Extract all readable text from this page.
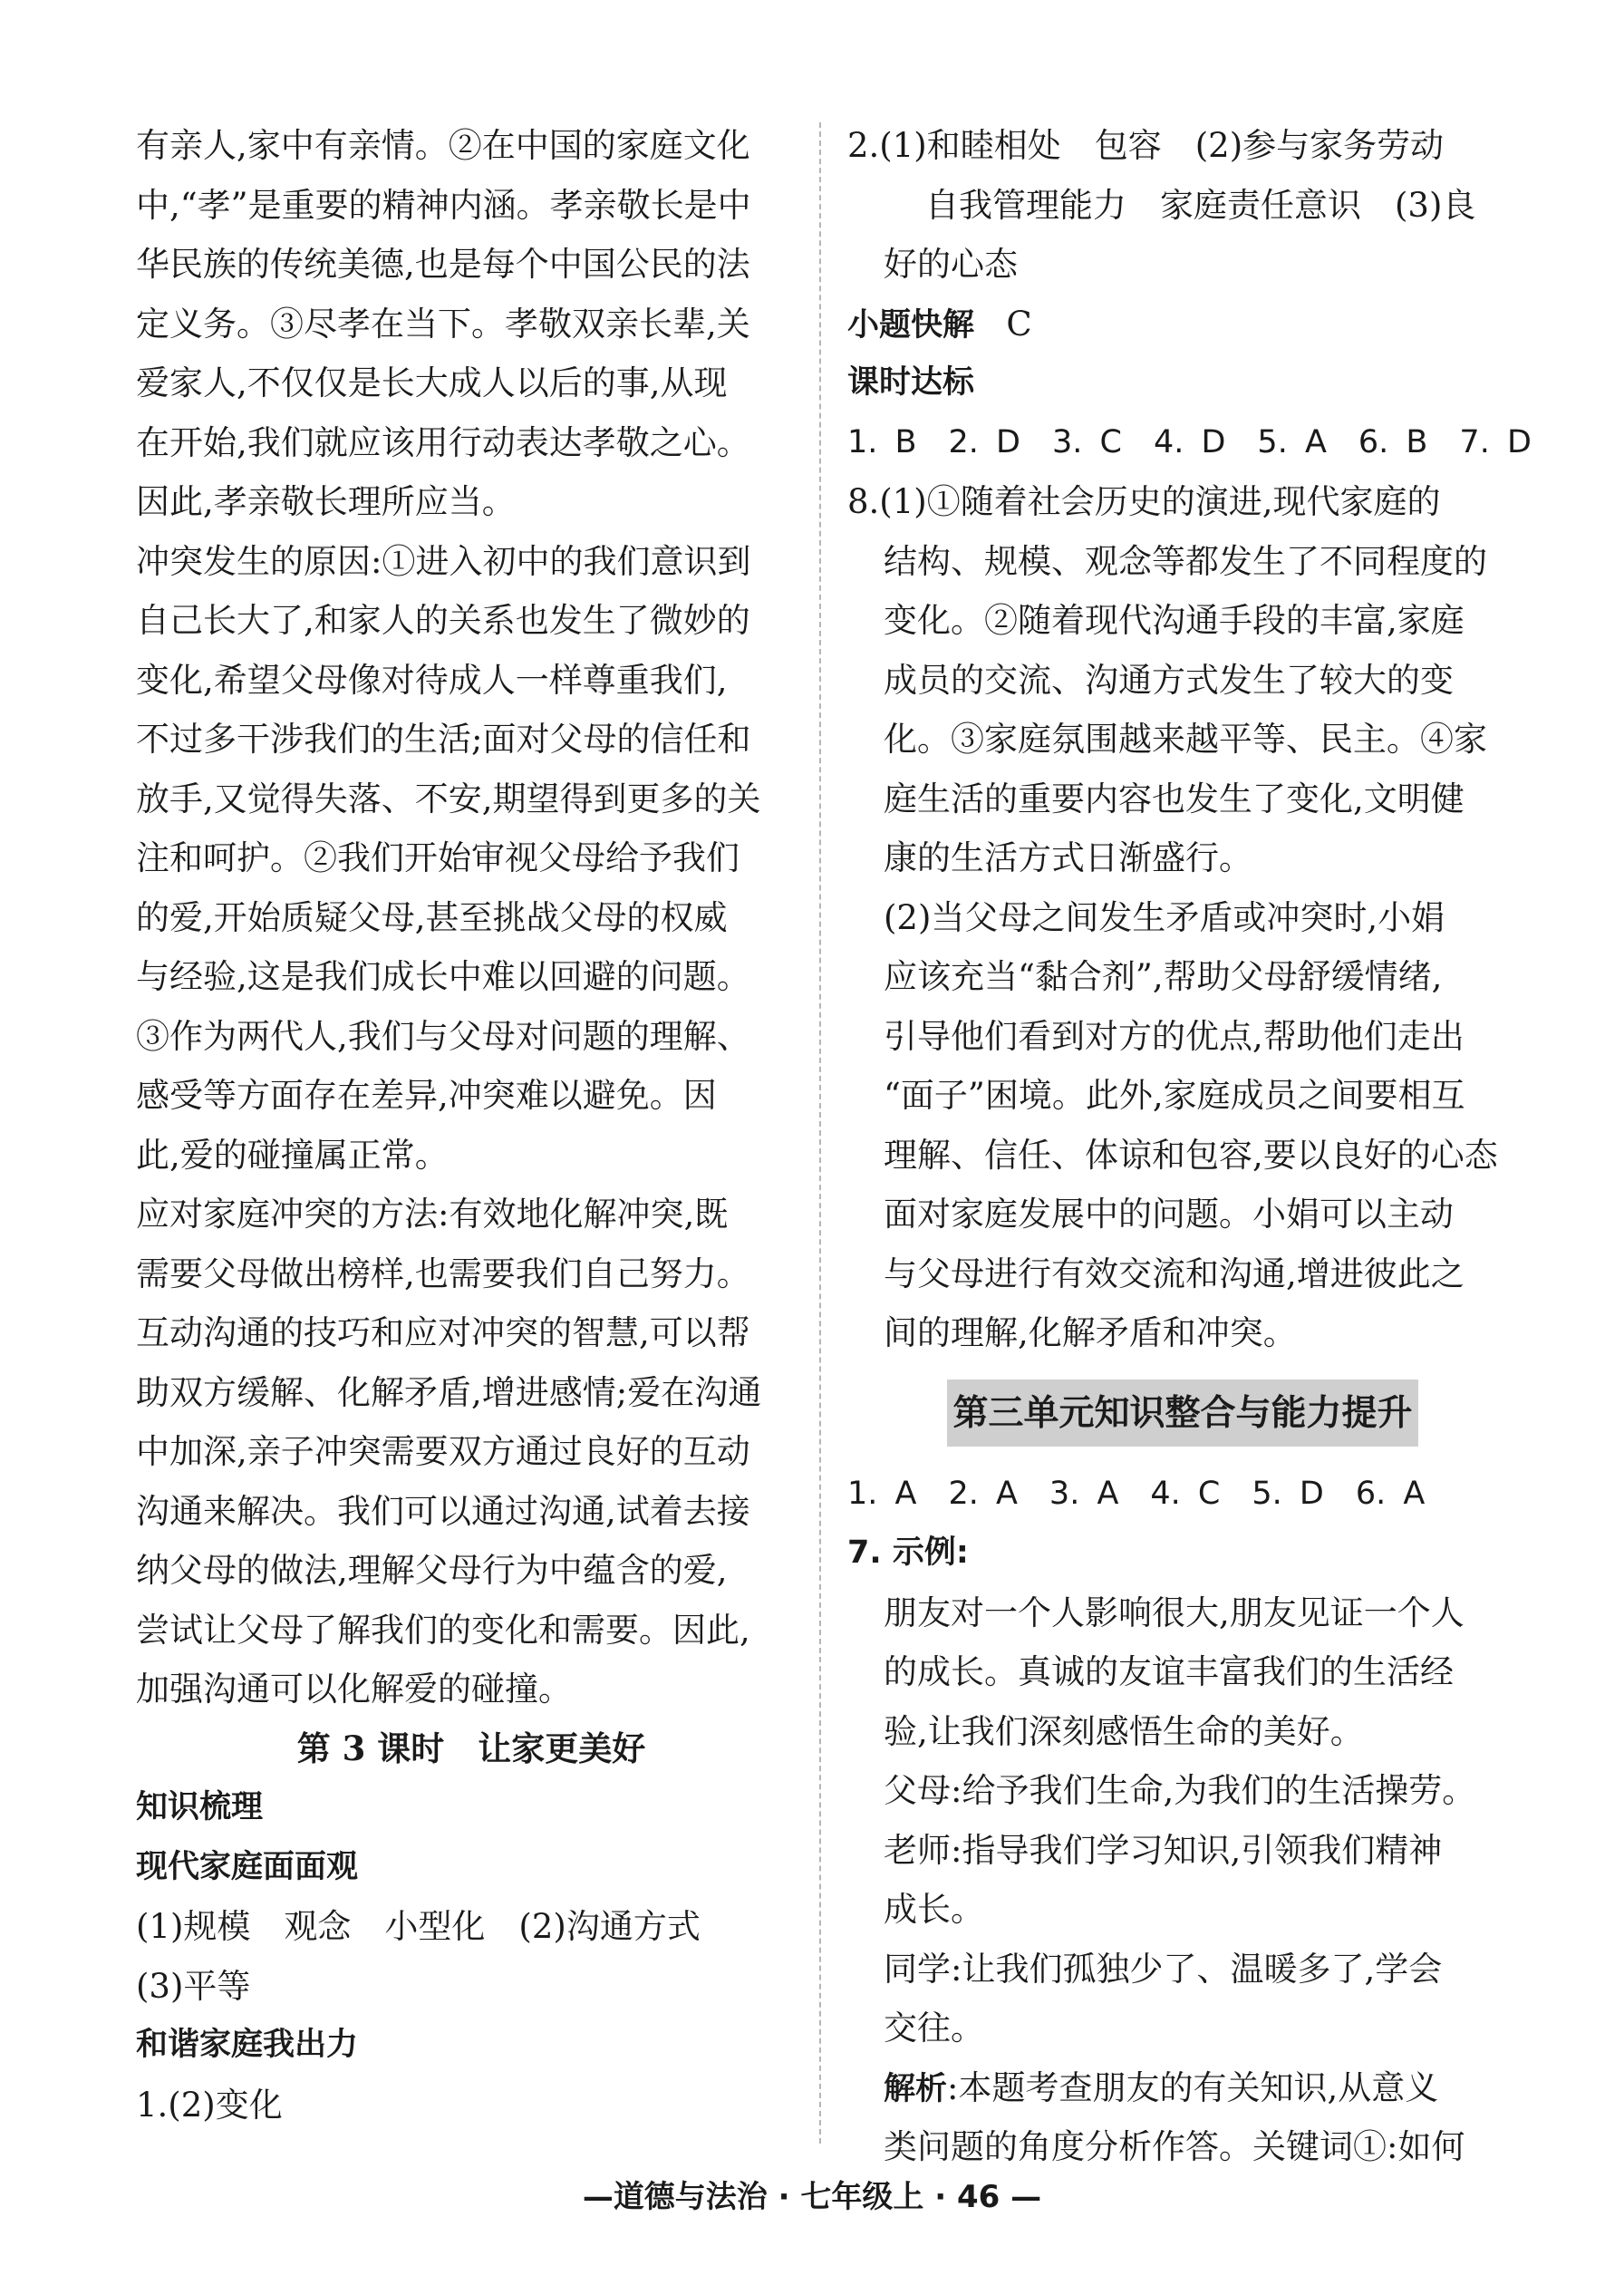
有亲人,家中有亲情。②在中国的家庭文化
中,“孝”是重要的精神内涵。孝亲敬长是中
华民族的传统美德,也是每个中国公民的法
定义务。③尽孝在当下。孝敬双亲长辈,关
爱家人,不仅仅是长大成人以后的事,从现
在开始,我们就应该用行动表达孝敬之心。
因此,孝亲敬长理所应当。
冲突发生的原因:①进入初中的我们意识到
自己长大了,和家人的关系也发生了微妙的
变化,希望父母像对待成人一样尊重我们,
不过多干涉我们的生活;面对父母的信任和
放手,又觉得失落、不安,期望得到更多的关
注和呵护。②我们开始审视父母给予我们
的爱,开始质疑父母,甚至挑战父母的权威
与经验,这是我们成长中难以回避的问题。
③作为两代人,我们与父母对问题的理解、
感受等方面存在差异,冲突难以避免。因
此,爱的碰撞属正常。
应对家庭冲突的方法:有效地化解冲突,既
需要父母做出榜样,也需要我们自己努力。
互动沟通的技巧和应对冲突的智慧,可以帮
助双方缓解、化解矛盾,增进感情;爱在沟通
中加深,亲子冲突需要双方通过良好的互动
沟通来解决。我们可以通过沟通,试着去接
纳父母的做法,理解父母行为中蕴含的爱,
尝试让父母了解我们的变化和需要。因此,
加强沟通可以化解爱的碰撞。
第 3 课时　让家更美好
知识梳理
现代家庭面面观
(1)规模　观念　小型化　(2)沟通方式
(3)平等
和谐家庭我出力
1.(2)变化
2.(1)和睦相处　包容　(2)参与家务劳动
自我管理能力　家庭责任意识　(3)良
好的心态
小题快解 C
课时达标
1. B　2. D　3. C　4. D　5. A　6. B　7. D
8.(1)①随着社会历史的演进,现代家庭的
结构、规模、观念等都发生了不同程度的
变化。②随着现代沟通手段的丰富,家庭
成员的交流、沟通方式发生了较大的变
化。③家庭氛围越来越平等、民主。④家
庭生活的重要内容也发生了变化,文明健
康的生活方式日渐盛行。
(2)当父母之间发生矛盾或冲突时,小娟
应该充当“黏合剂”,帮助父母舒缓情绪,
引导他们看到对方的优点,帮助他们走出
“面子”困境。此外,家庭成员之间要相互
理解、信任、体谅和包容,要以良好的心态
面对家庭发展中的问题。小娟可以主动
与父母进行有效交流和沟通,增进彼此之
间的理解,化解矛盾和冲突。
第三单元知识整合与能力提升
1. A　2. A　3. A　4. C　5. D　6. A
7. 示例:
朋友对一个人影响很大,朋友见证一个人
的成长。真诚的友谊丰富我们的生活经
验,让我们深刻感悟生命的美好。
父母:给予我们生命,为我们的生活操劳。
老师:指导我们学习知识,引领我们精神
成长。
同学:让我们孤独少了、温暖多了,学会
交往。
解析:本题考查朋友的有关知识,从意义
类问题的角度分析作答。关键词①:如何
—道德与法治 · 七年级上 · 46 —
